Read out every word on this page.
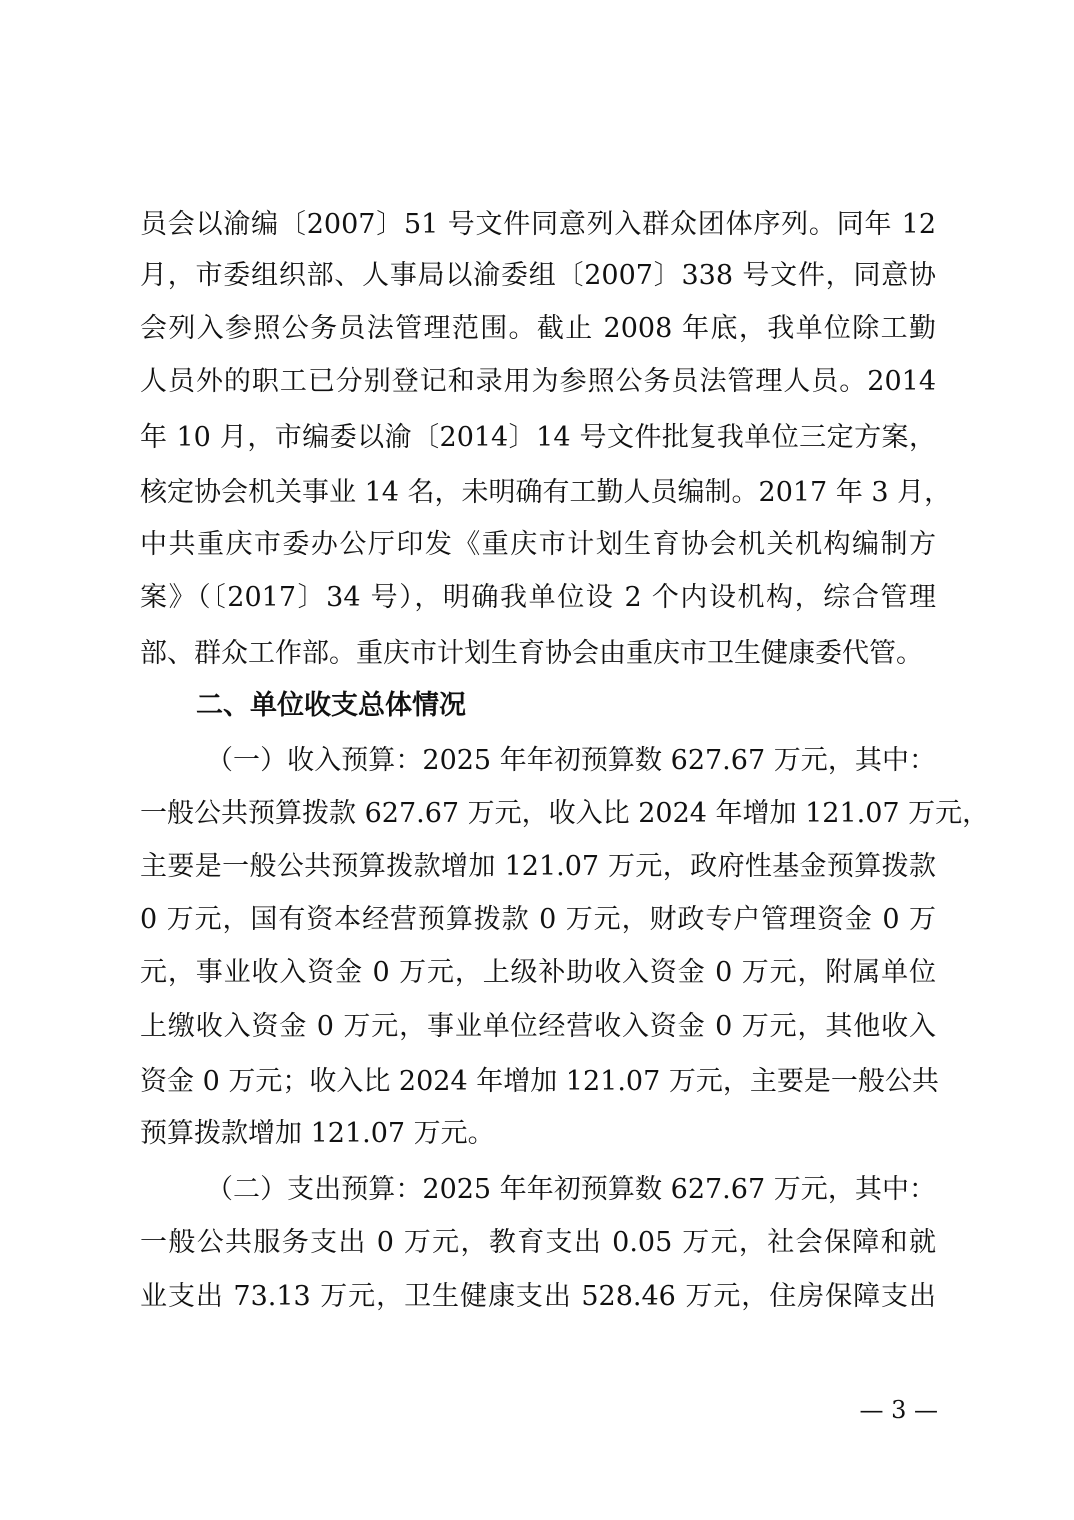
员会以渝编〔2007〕51 号文件同意列入群众团体序列。同年 12
月，市委组织部、人事局以渝委组〔2007〕338 号文件，同意协
会列入参照公务员法管理范围。截止 2008 年底，我单位除工勤
人员外的职工已分别登记和录用为参照公务员法管理人员。2014
年 10 月，市编委以渝〔2014〕14 号文件批复我单位三定方案，
核定协会机关事业 14 名，未明确有工勤人员编制。2017 年 3 月，
中共重庆市委办公厅印发《重庆市计划生育协会机关机构编制方
案》（〔2017〕34 号），明确我单位设 2 个内设机构，综合管理
部、群众工作部。重庆市计划生育协会由重庆市卫生健康委代管。
二、单位收支总体情况
（一）收入预算：2025 年年初预算数 627.67 万元，其中：
一般公共预算拨款 627.67 万元，收入比 2024 年增加 121.07 万元，
主要是一般公共预算拨款增加 121.07 万元，政府性基金预算拨款
0 万元，国有资本经营预算拨款 0 万元，财政专户管理资金 0 万
元，事业收入资金 0 万元，上级补助收入资金 0 万元，附属单位
上缴收入资金 0 万元，事业单位经营收入资金 0 万元，其他收入
资金 0 万元；收入比 2024 年增加 121.07 万元，主要是一般公共
预算拨款增加 121.07 万元。
（二）支出预算：2025 年年初预算数 627.67 万元，其中：
一般公共服务支出 0 万元，教育支出 0.05 万元，社会保障和就
业支出 73.13 万元，卫生健康支出 528.46 万元，住房保障支出
— 3 —
